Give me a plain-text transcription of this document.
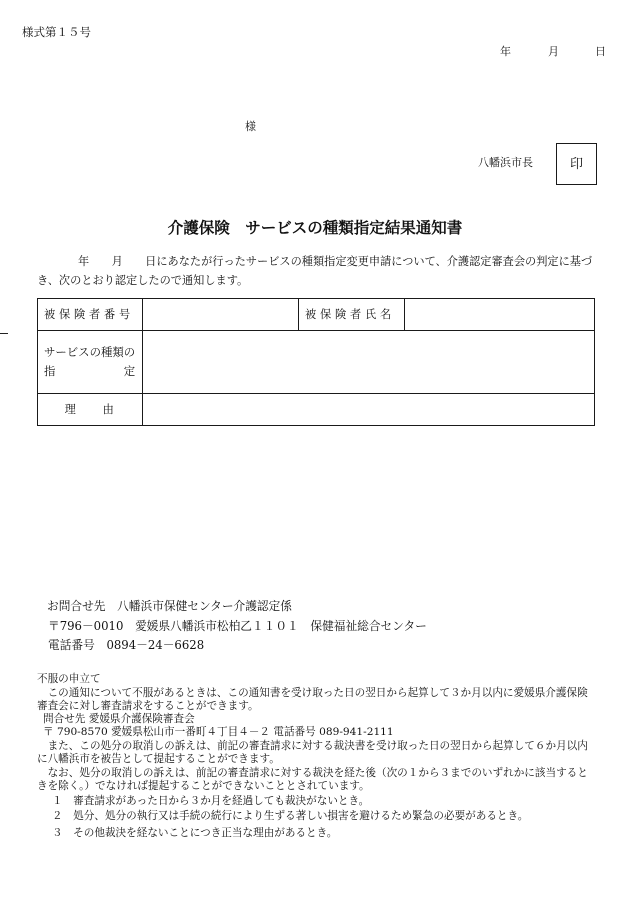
様式第１５号
年	月	日
様
八幡浜市長	印
介護保険　サービスの種類指定結果通知書
年　　月　　日にあなたが行ったサービスの種類指定変更申請について、介護認定審査会の判定に基づ
き、次のとおり認定したので通知します。
被保険者番号		被保険者氏名	

サービスの種類の
指　　　　　　定			

理　　由			
お問合せ先　八幡浜市保健センター介護認定係
〒796－0010　愛媛県八幡浜市松柏乙１１０１　保健福祉総合センター
電話番号　0894－24－6628
不服の申立て
　この通知について不服があるときは、この通知書を受け取った日の翌日から起算して３か月以内に愛媛県介護保険
審査会に対し審査請求をすることができます。
問合せ先 愛媛県介護保険審査会
〒 790-8570 愛媛県松山市一番町４丁目４－２ 電話番号 089-941-2111
　また、この処分の取消しの訴えは、前記の審査請求に対する裁決書を受け取った日の翌日から起算して６か月以内
に八幡浜市を被告として提起することができます。
　なお、処分の取消しの訴えは、前記の審査請求に対する裁決を経た後（次の１から３までのいずれかに該当すると
きを除く。）でなければ提起することができないこととされています。
１　審査請求があった日から３か月を経過しても裁決がないとき。
２　処分、処分の執行又は手続の続行により生ずる著しい損害を避けるため緊急の必要があるとき。
３　その他裁決を経ないことにつき正当な理由があるとき。
